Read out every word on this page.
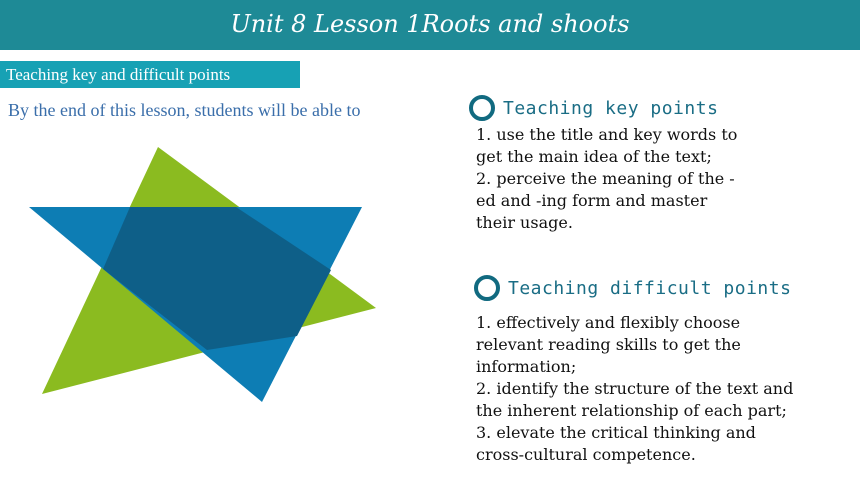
Unit 8 Lesson 1Roots and shoots
Teaching key and difficult points
By the end of this lesson, students will be able to	Teaching key points
1. use the title and key words to
get the main idea of the text;
2. perceive the meaning of the -
ed and -ing form and master
their usage.
Teaching difficult points
1. effectively and flexibly choose
relevant reading skills to get the
information;
2. identify the structure of the text and
the inherent relationship of each part;
3. elevate the critical thinking and
cross-cultural competence.
